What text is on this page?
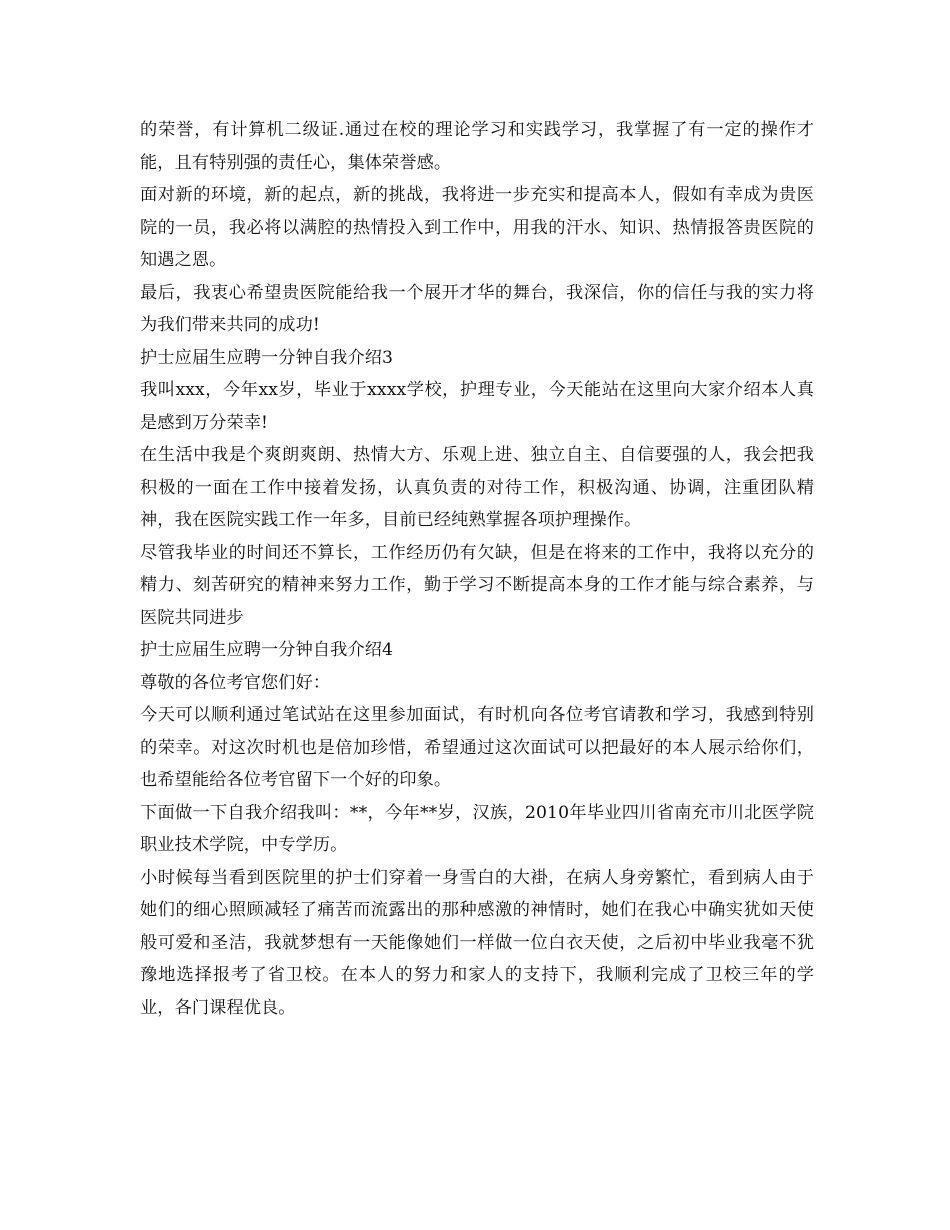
的荣誉，有计算机二级证.通过在校的理论学习和实践学习，我掌握了有一定的操作才能，且有特别强的责任心，集体荣誉感。

面对新的环境，新的起点，新的挑战，我将进一步充实和提高本人，假如有幸成为贵医院的一员，我必将以满腔的热情投入到工作中，用我的汗水、知识、热情报答贵医院的知遇之恩。

最后，我衷心希望贵医院能给我一个展开才华的舞台，我深信，你的信任与我的实力将为我们带来共同的成功!

护士应届生应聘一分钟自我介绍3

我叫xxx，今年xx岁，毕业于xxxx学校，护理专业，今天能站在这里向大家介绍本人真是感到万分荣幸!

在生活中我是个爽朗爽朗、热情大方、乐观上进、独立自主、自信要强的人，我会把我积极的一面在工作中接着发扬，认真负责的对待工作，积极沟通、协调，注重团队精神，我在医院实践工作一年多，目前已经纯熟掌握各项护理操作。

尽管我毕业的时间还不算长，工作经历仍有欠缺，但是在将来的工作中，我将以充分的精力、刻苦研究的精神来努力工作，勤于学习不断提高本身的工作才能与综合素养，与医院共同进步

护士应届生应聘一分钟自我介绍4

尊敬的各位考官您们好：

今天可以顺利通过笔试站在这里参加面试，有时机向各位考官请教和学习，我感到特别的荣幸。对这次时机也是倍加珍惜，希望通过这次面试可以把最好的本人展示给你们，也希望能给各位考官留下一个好的印象。

下面做一下自我介绍我叫：**，今年**岁，汉族，2010年毕业四川省南充市川北医学院职业技术学院，中专学历。

小时候每当看到医院里的护士们穿着一身雪白的大褂，在病人身旁繁忙，看到病人由于她们的细心照顾减轻了痛苦而流露出的那种感激的神情时，她们在我心中确实犹如天使般可爱和圣洁，我就梦想有一天能像她们一样做一位白衣天使，之后初中毕业我毫不犹豫地选择报考了省卫校。在本人的努力和家人的支持下，我顺利完成了卫校三年的学业，各门课程优良。
